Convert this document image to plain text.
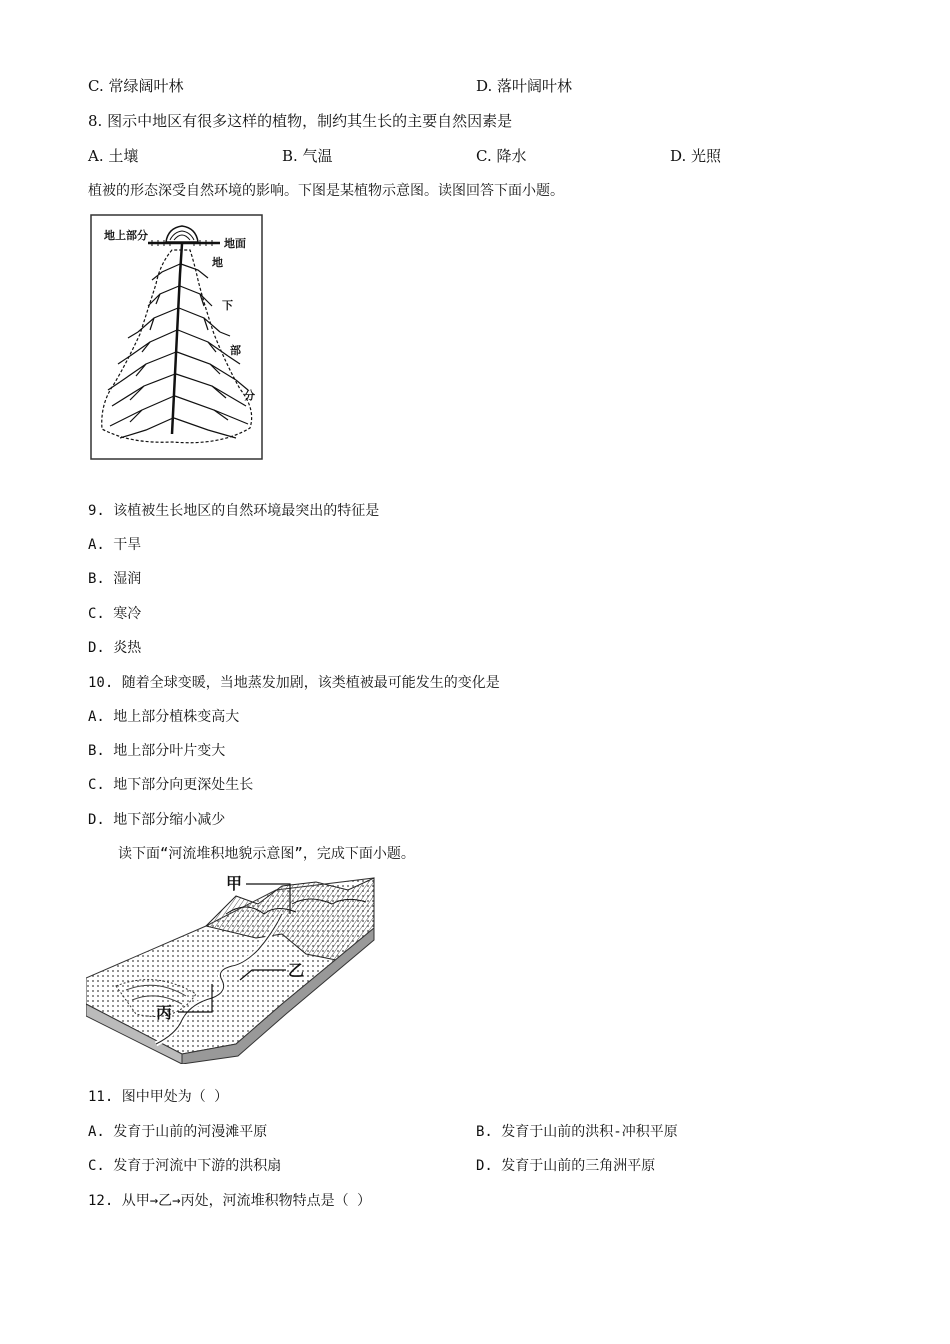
C. 常绿阔叶林	D. 落叶阔叶林
8. 图示中地区有很多这样的植物，制约其生长的主要自然因素是
A. 土壤	B. 气温	C. 降水	D. 光照
植被的形态深受自然环境的影响。下图是某植物示意图。读图回答下面小题。
地上部分
地面
地
下
部
分
9. 该植被生长地区的自然环境最突出的特征是
A. 干旱
B. 湿润
C. 寒冷
D. 炎热
10. 随着全球变暖，当地蒸发加剧，该类植被最可能发生的变化是
A. 地上部分植株变高大
B. 地上部分叶片变大
C. 地下部分向更深处生长
D. 地下部分缩小减少
读下面“河流堆积地貌示意图”，完成下面小题。
甲
乙
丙
11. 图中甲处为（ ）
A. 发育于山前的河漫滩平原	B. 发育于山前的洪积-冲积平原
C. 发育于河流中下游的洪积扇	D. 发育于山前的三角洲平原
12. 从甲→乙→丙处，河流堆积物特点是（ ）
